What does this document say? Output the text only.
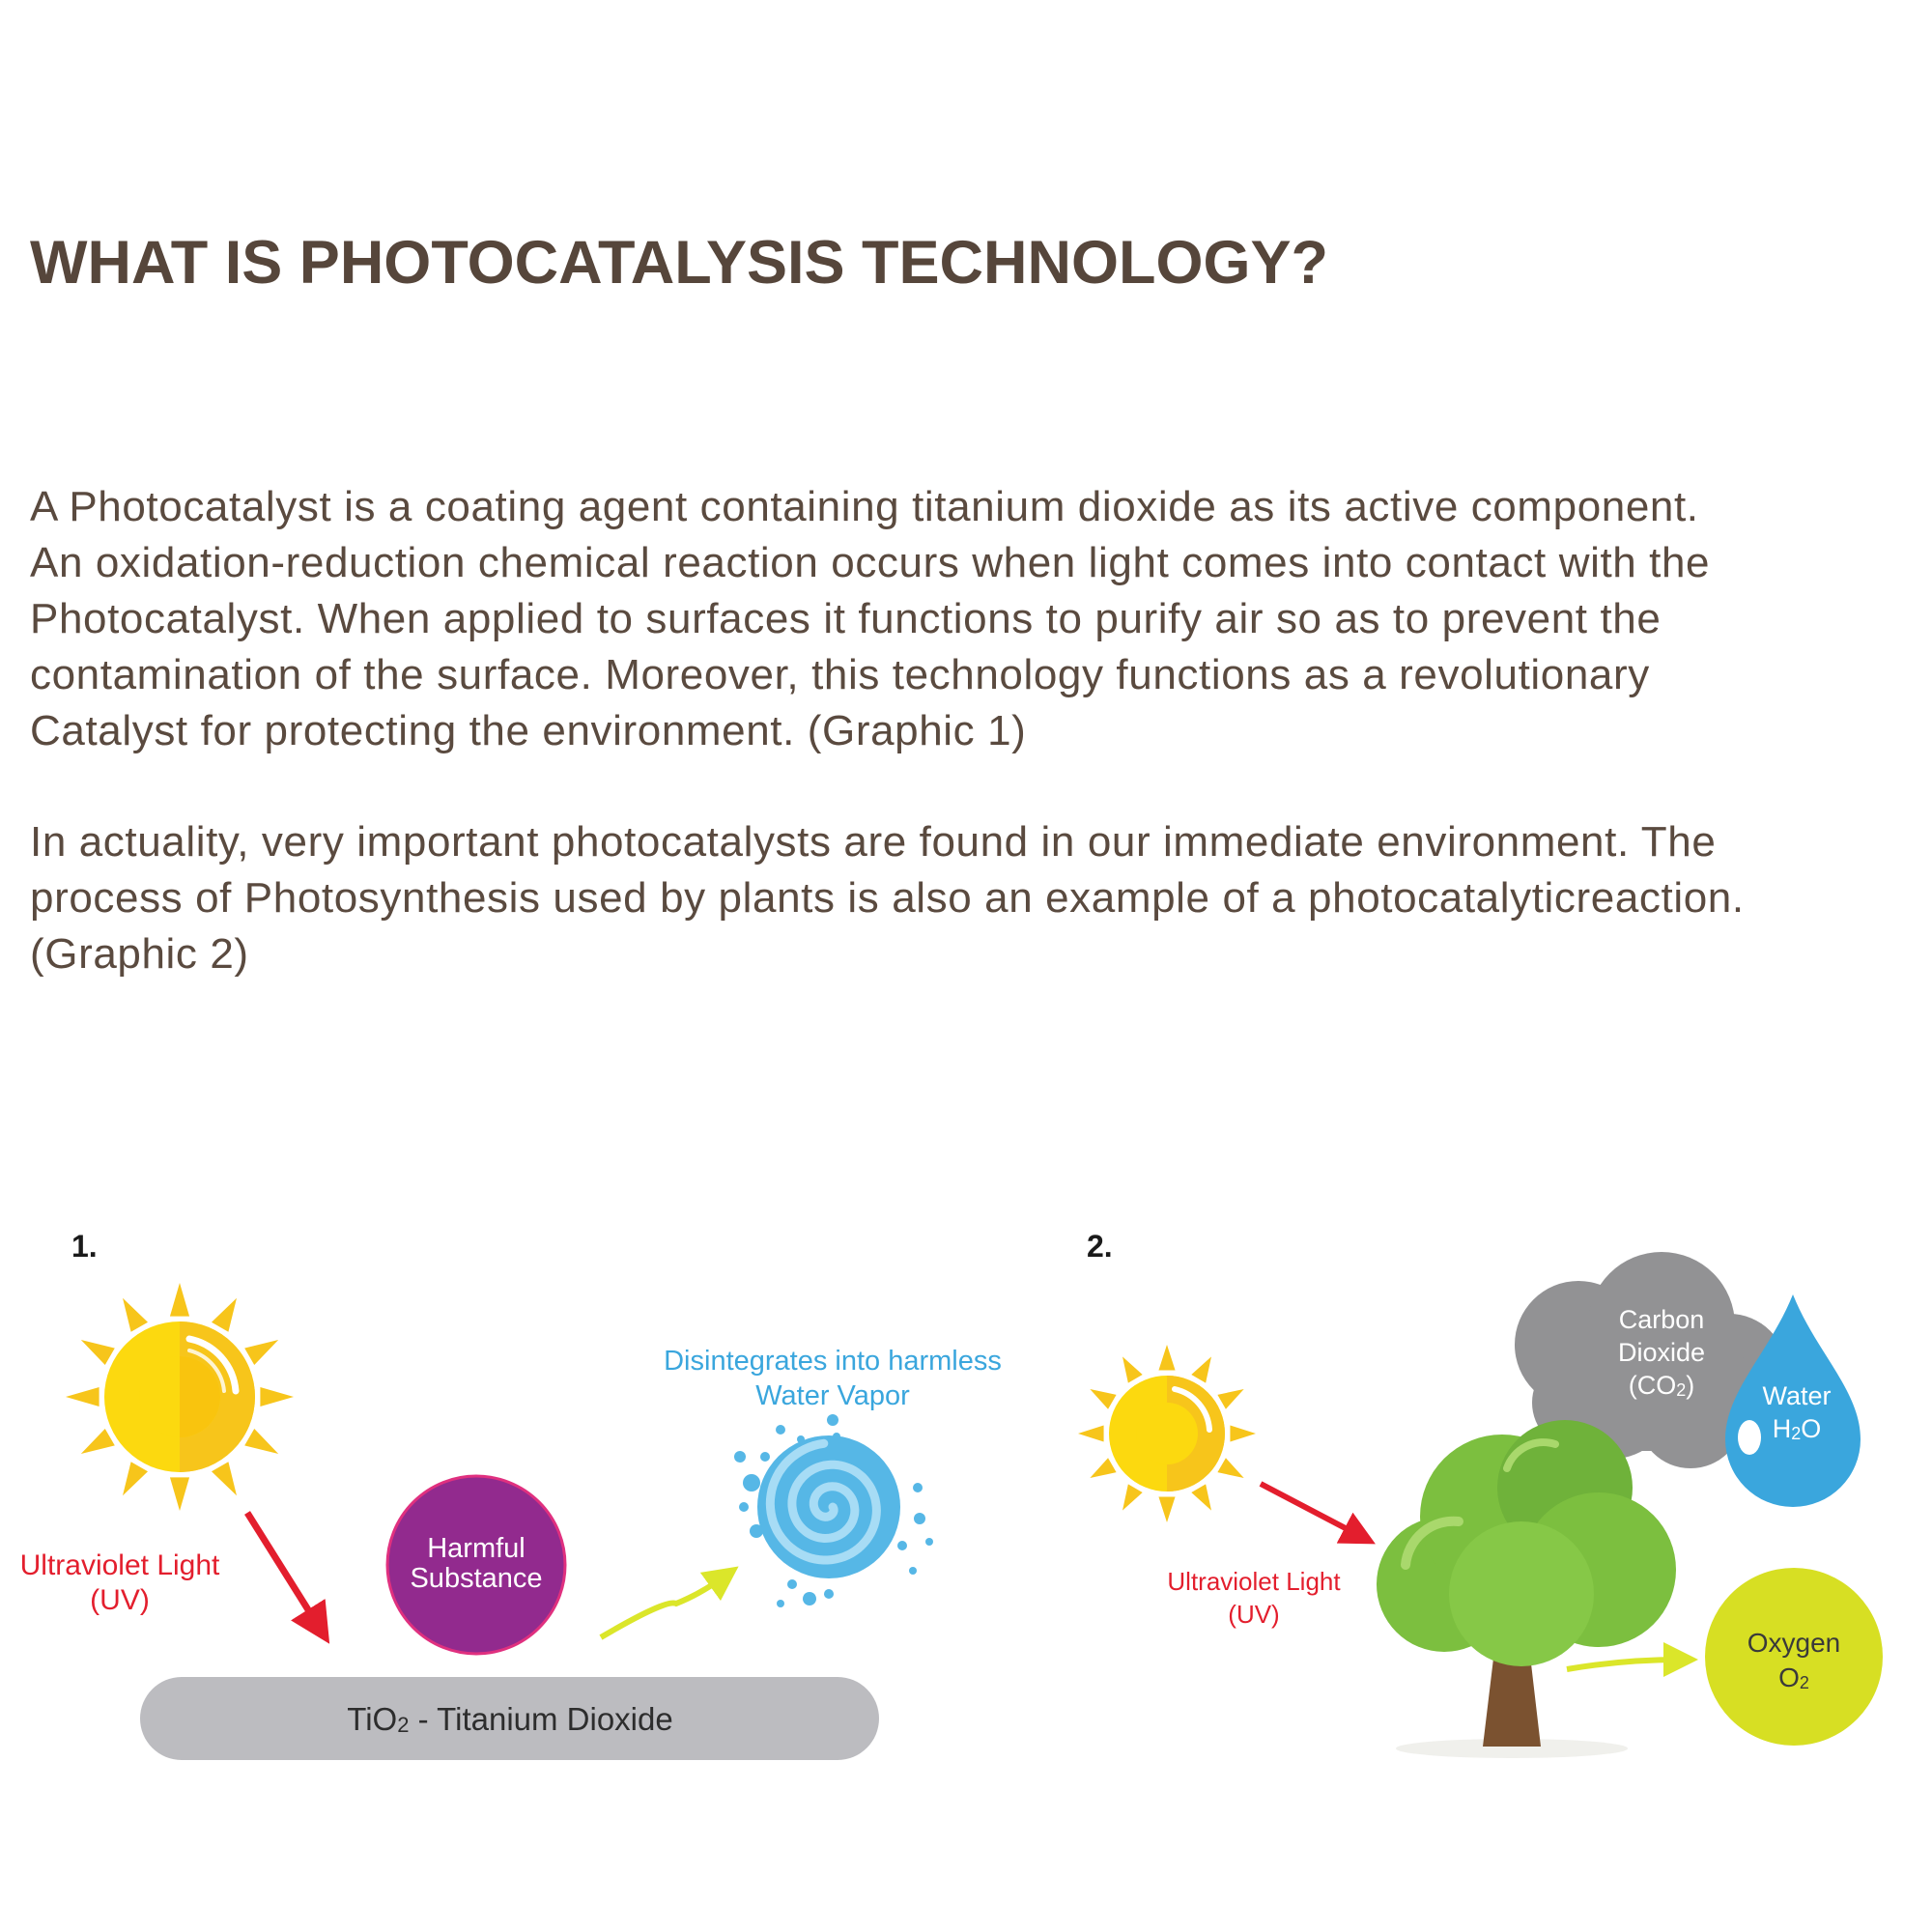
WHAT IS PHOTOCATALYSIS TECHNOLOGY?

A Photocatalyst is a coating agent containing titanium dioxide as its active component.
An oxidation-reduction chemical reaction occurs when light comes into contact with the
Photocatalyst. When applied to surfaces it functions to purify air so as to prevent the
contamination of the surface. Moreover, this technology functions as a revolutionary
Catalyst for protecting the environment. (Graphic 1)

In actuality, very important photocatalysts are found in our immediate environment. The
process of Photosynthesis used by plants is also an example of a photocatalyticreaction.
(Graphic 2)

1.	2.
Ultraviolet Light
(UV)
Harmful
Substance
Disintegrates into harmless
Water Vapor
TiO2 - Titanium Dioxide
Ultraviolet Light
(UV)
Carbon
Dioxide
(CO2)	Water
H2O
Oxygen
O2
